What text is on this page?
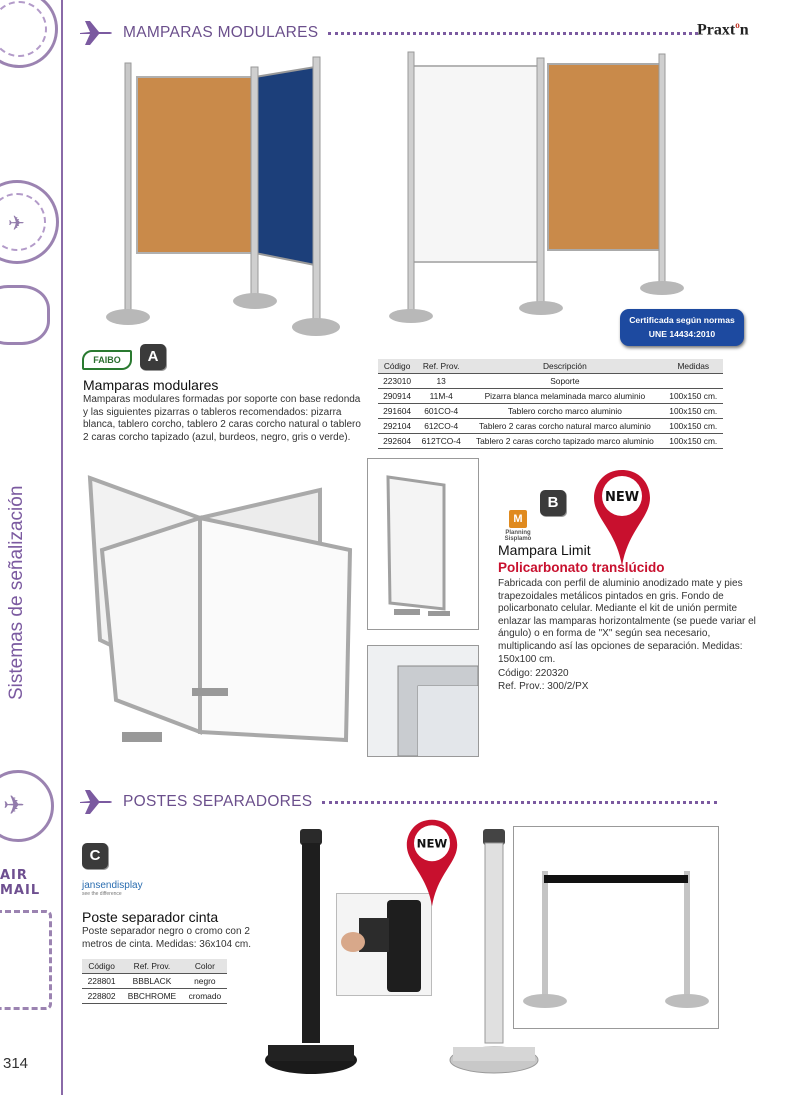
✈
✈
AIR MAIL
Sistemas de señalización
314
Praxt$^o$n
MAMPARAS MODULARES
Certificada según normas
UNE 14434:2010
FAIBO	A
Mamparas modulares
Mamparas modulares formadas por soporte con base redonda y las siguientes pizarras o tableros recomendados: pizarra blanca, tablero corcho, tablero 2 caras corcho natural o tablero 2 caras corcho tapizado (azul, burdeos, negro, gris o verde).
Código	Ref. Prov.	Descripción	Medidas
223010	13	Soporte	
290914	11M-4	Pizarra blanca melaminada marco aluminio	100x150 cm.
291604	601CO-4	Tablero corcho marco aluminio	100x150 cm.
292104	612CO-4	Tablero 2 caras corcho natural marco aluminio	100x150 cm.
292604	612TCO-4	Tablero 2 caras corcho tapizado marco aluminio	100x150 cm.
M
Planning Sisplamo
B	NEW
Mampara Limit
Policarbonato translúcido
Fabricada con perfil de aluminio anodizado mate y pies trapezoidales metálicos pintados en gris. Fondo de policarbonato celular. Mediante el kit de unión permite enlazar las mamparas horizontalmente (se puede variar el ángulo) o en forma de "X" según sea necesario, multiplicando así las opciones de separación. Medidas: 150x100 cm.
Código: 220320
Ref. Prov.: 300/2/PX
POSTES SEPARADORES
C
jansendisplay
see the difference
Poste separador cinta
Poste separador negro o cromo con 2 metros de cinta. Medidas: 36x104 cm.
Código	Ref. Prov.	Color
228801	BBBLACK	negro
228802	BBCHROME	cromado
NEW
